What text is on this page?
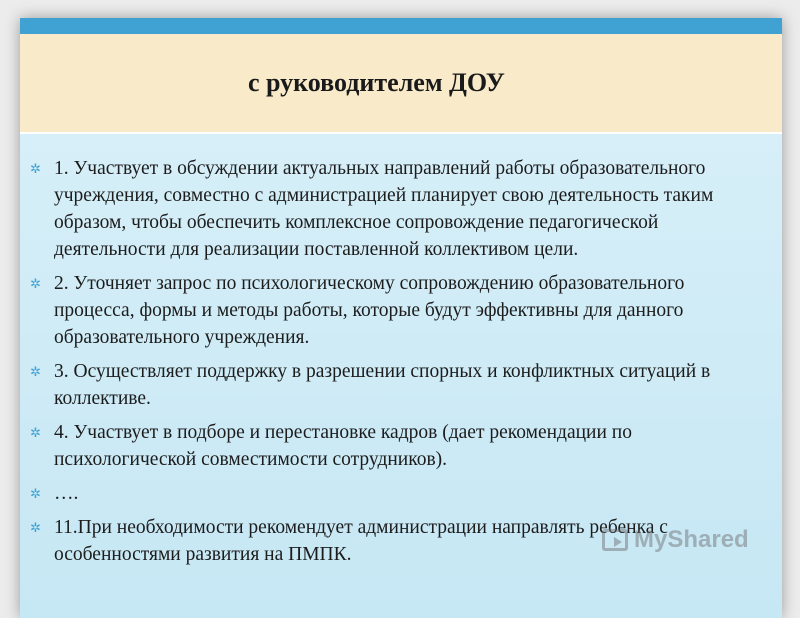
с руководителем ДОУ
✲ 1. Участвует в обсуждении актуальных направлений работы образовательного учреждения, совместно с администрацией планирует свою деятельность таким образом, чтобы обеспечить комплексное сопровождение педагогической деятельности для реализации поставленной коллективом цели.
✲ 2. Уточняет запрос по психологическому сопровождению образовательного процесса, формы и методы работы, которые будут эффективны для данного образовательного учреждения.
✲ 3. Осуществляет поддержку в разрешении спорных и конфликтных ситуаций в коллективе.
✲ 4. Участвует в подборе и перестановке кадров (дает рекомендации по психологической совместимости сотрудников).
✲ ….
✲ 11.При необходимости рекомендует администрации направлять ребенка с особенностями развития на ПМПК.
MyShared
